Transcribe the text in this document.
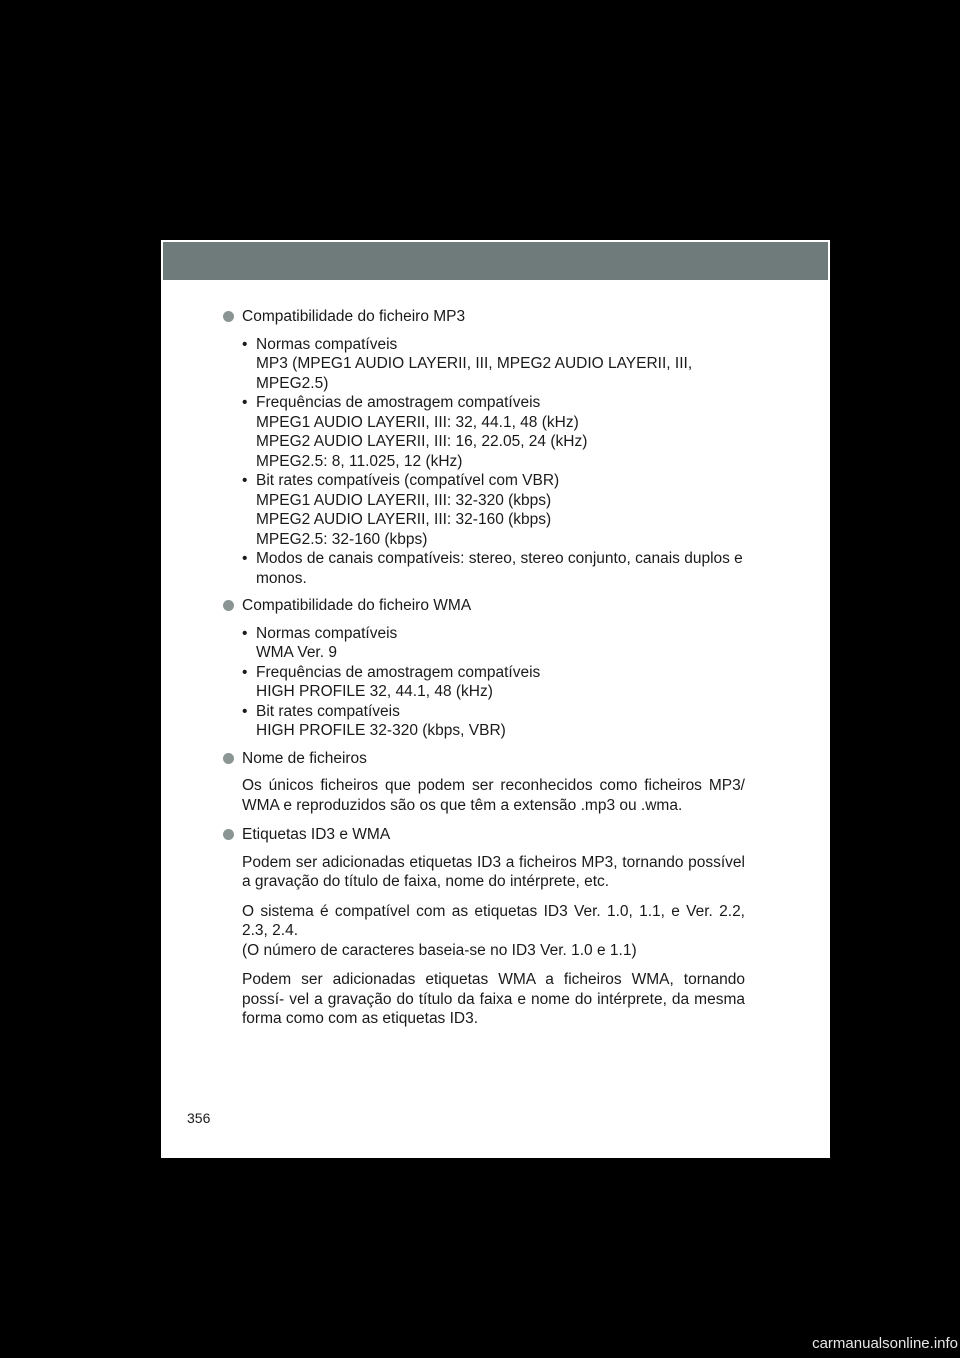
Compatibilidade do ficheiro MP3
• Normas compatíveis
MP3 (MPEG1 AUDIO LAYERII, III, MPEG2 AUDIO LAYERII, III,
MPEG2.5)
• Frequências de amostragem compatíveis
MPEG1 AUDIO LAYERII, III: 32, 44.1, 48 (kHz)
MPEG2 AUDIO LAYERII, III: 16, 22.05, 24 (kHz)
MPEG2.5: 8, 11.025, 12 (kHz)
• Bit rates compatíveis (compatível com VBR)
MPEG1 AUDIO LAYERII, III: 32-320 (kbps)
MPEG2 AUDIO LAYERII, III: 32-160 (kbps)
MPEG2.5: 32-160 (kbps)
• Modos de canais compatíveis: stereo, stereo conjunto, canais duplos e monos.
Compatibilidade do ficheiro WMA
• Normas compatíveis
WMA Ver. 9
• Frequências de amostragem compatíveis
HIGH PROFILE 32, 44.1, 48 (kHz)
• Bit rates compatíveis
HIGH PROFILE 32-320 (kbps, VBR)
Nome de ficheiros

Os únicos ficheiros que podem ser reconhecidos como ficheiros MP3/ WMA e reproduzidos são os que têm a extensão .mp3 ou .wma.

Etiquetas ID3 e WMA

Podem ser adicionadas etiquetas ID3 a ficheiros MP3, tornando possível a gravação do título de faixa, nome do intérprete, etc.

O sistema é compatível com as etiquetas ID3 Ver. 1.0, 1.1, e Ver. 2.2, 2.3, 2.4.
(O número de caracteres baseia-se no ID3 Ver. 1.0 e 1.1)

Podem ser adicionadas etiquetas WMA a ficheiros WMA, tornando possí- vel a gravação do título da faixa e nome do intérprete, da mesma forma como com as etiquetas ID3.

356
carmanualsonline.info
